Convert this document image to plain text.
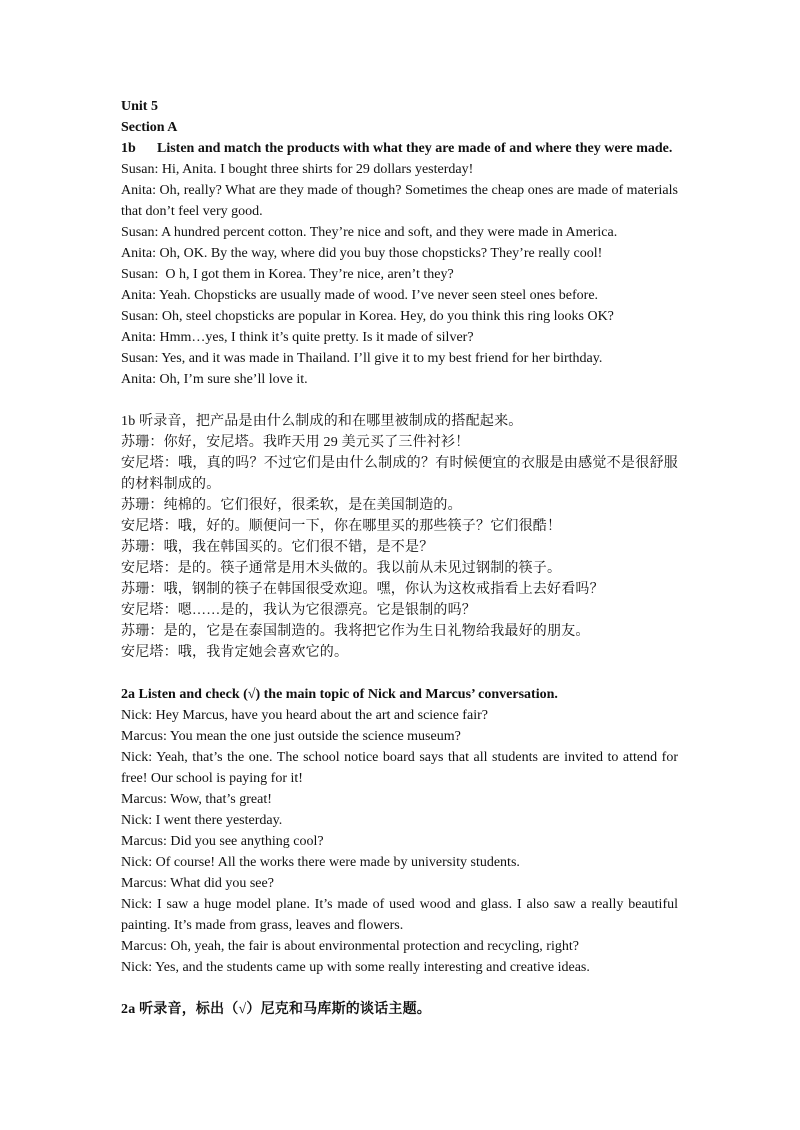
Unit 5

Section A

1b Listen and match the products with what they are made of and where they were made.

Susan: Hi, Anita. I bought three shirts for 29 dollars yesterday!

Anita: Oh, really? What are they made of though? Sometimes the cheap ones are made of materials that don’t feel very good.

Susan: A hundred percent cotton. They’re nice and soft, and they were made in America.

Anita: Oh, OK. By the way, where did you buy those chopsticks? They’re really cool!

Susan:  O h, I got them in Korea. They’re nice, aren’t they?

Anita: Yeah. Chopsticks are usually made of wood. I’ve never seen steel ones before.

Susan: Oh, steel chopsticks are popular in Korea. Hey, do you think this ring looks OK?

Anita: Hmm…yes, I think it’s quite pretty. Is it made of silver?

Susan: Yes, and it was made in Thailand. I’ll give it to my best friend for her birthday.

Anita: Oh, I’m sure she’ll love it.

1b 听录音，把产品是由什么制成的和在哪里被制成的搭配起来。

苏珊：你好，安尼塔。我昨天用 29 美元买了三件衬衫！

安尼塔：哦，真的吗？不过它们是由什么制成的？有时候便宜的衣服是由感觉不是很舒服的材料制成的。

苏珊：纯棉的。它们很好，很柔软，是在美国制造的。

安尼塔：哦，好的。顺便问一下，你在哪里买的那些筷子？它们很酷！

苏珊：哦，我在韩国买的。它们很不错，是不是？

安尼塔：是的。筷子通常是用木头做的。我以前从未见过钢制的筷子。

苏珊：哦，钢制的筷子在韩国很受欢迎。嘿，你认为这枚戒指看上去好看吗？

安尼塔：嗯……是的，我认为它很漂亮。它是银制的吗？

苏珊：是的，它是在泰国制造的。我将把它作为生日礼物给我最好的朋友。

安尼塔：哦，我肯定她会喜欢它的。

2a Listen and check (√) the main topic of Nick and Marcus’ conversation.

Nick: Hey Marcus, have you heard about the art and science fair?

Marcus: You mean the one just outside the science museum?

Nick: Yeah, that’s the one. The school notice board says that all students are invited to attend for free! Our school is paying for it!

Marcus: Wow, that’s great!

Nick: I went there yesterday.

Marcus: Did you see anything cool?

Nick: Of course! All the works there were made by university students.

Marcus: What did you see?

Nick: I saw a huge model plane. It’s made of used wood and glass. I also saw a really beautiful painting. It’s made from grass, leaves and flowers.

Marcus: Oh, yeah, the fair is about environmental protection and recycling, right?

Nick: Yes, and the students came up with some really interesting and creative ideas.

2a 听录音，标出（√）尼克和马库斯的谈话主题。
